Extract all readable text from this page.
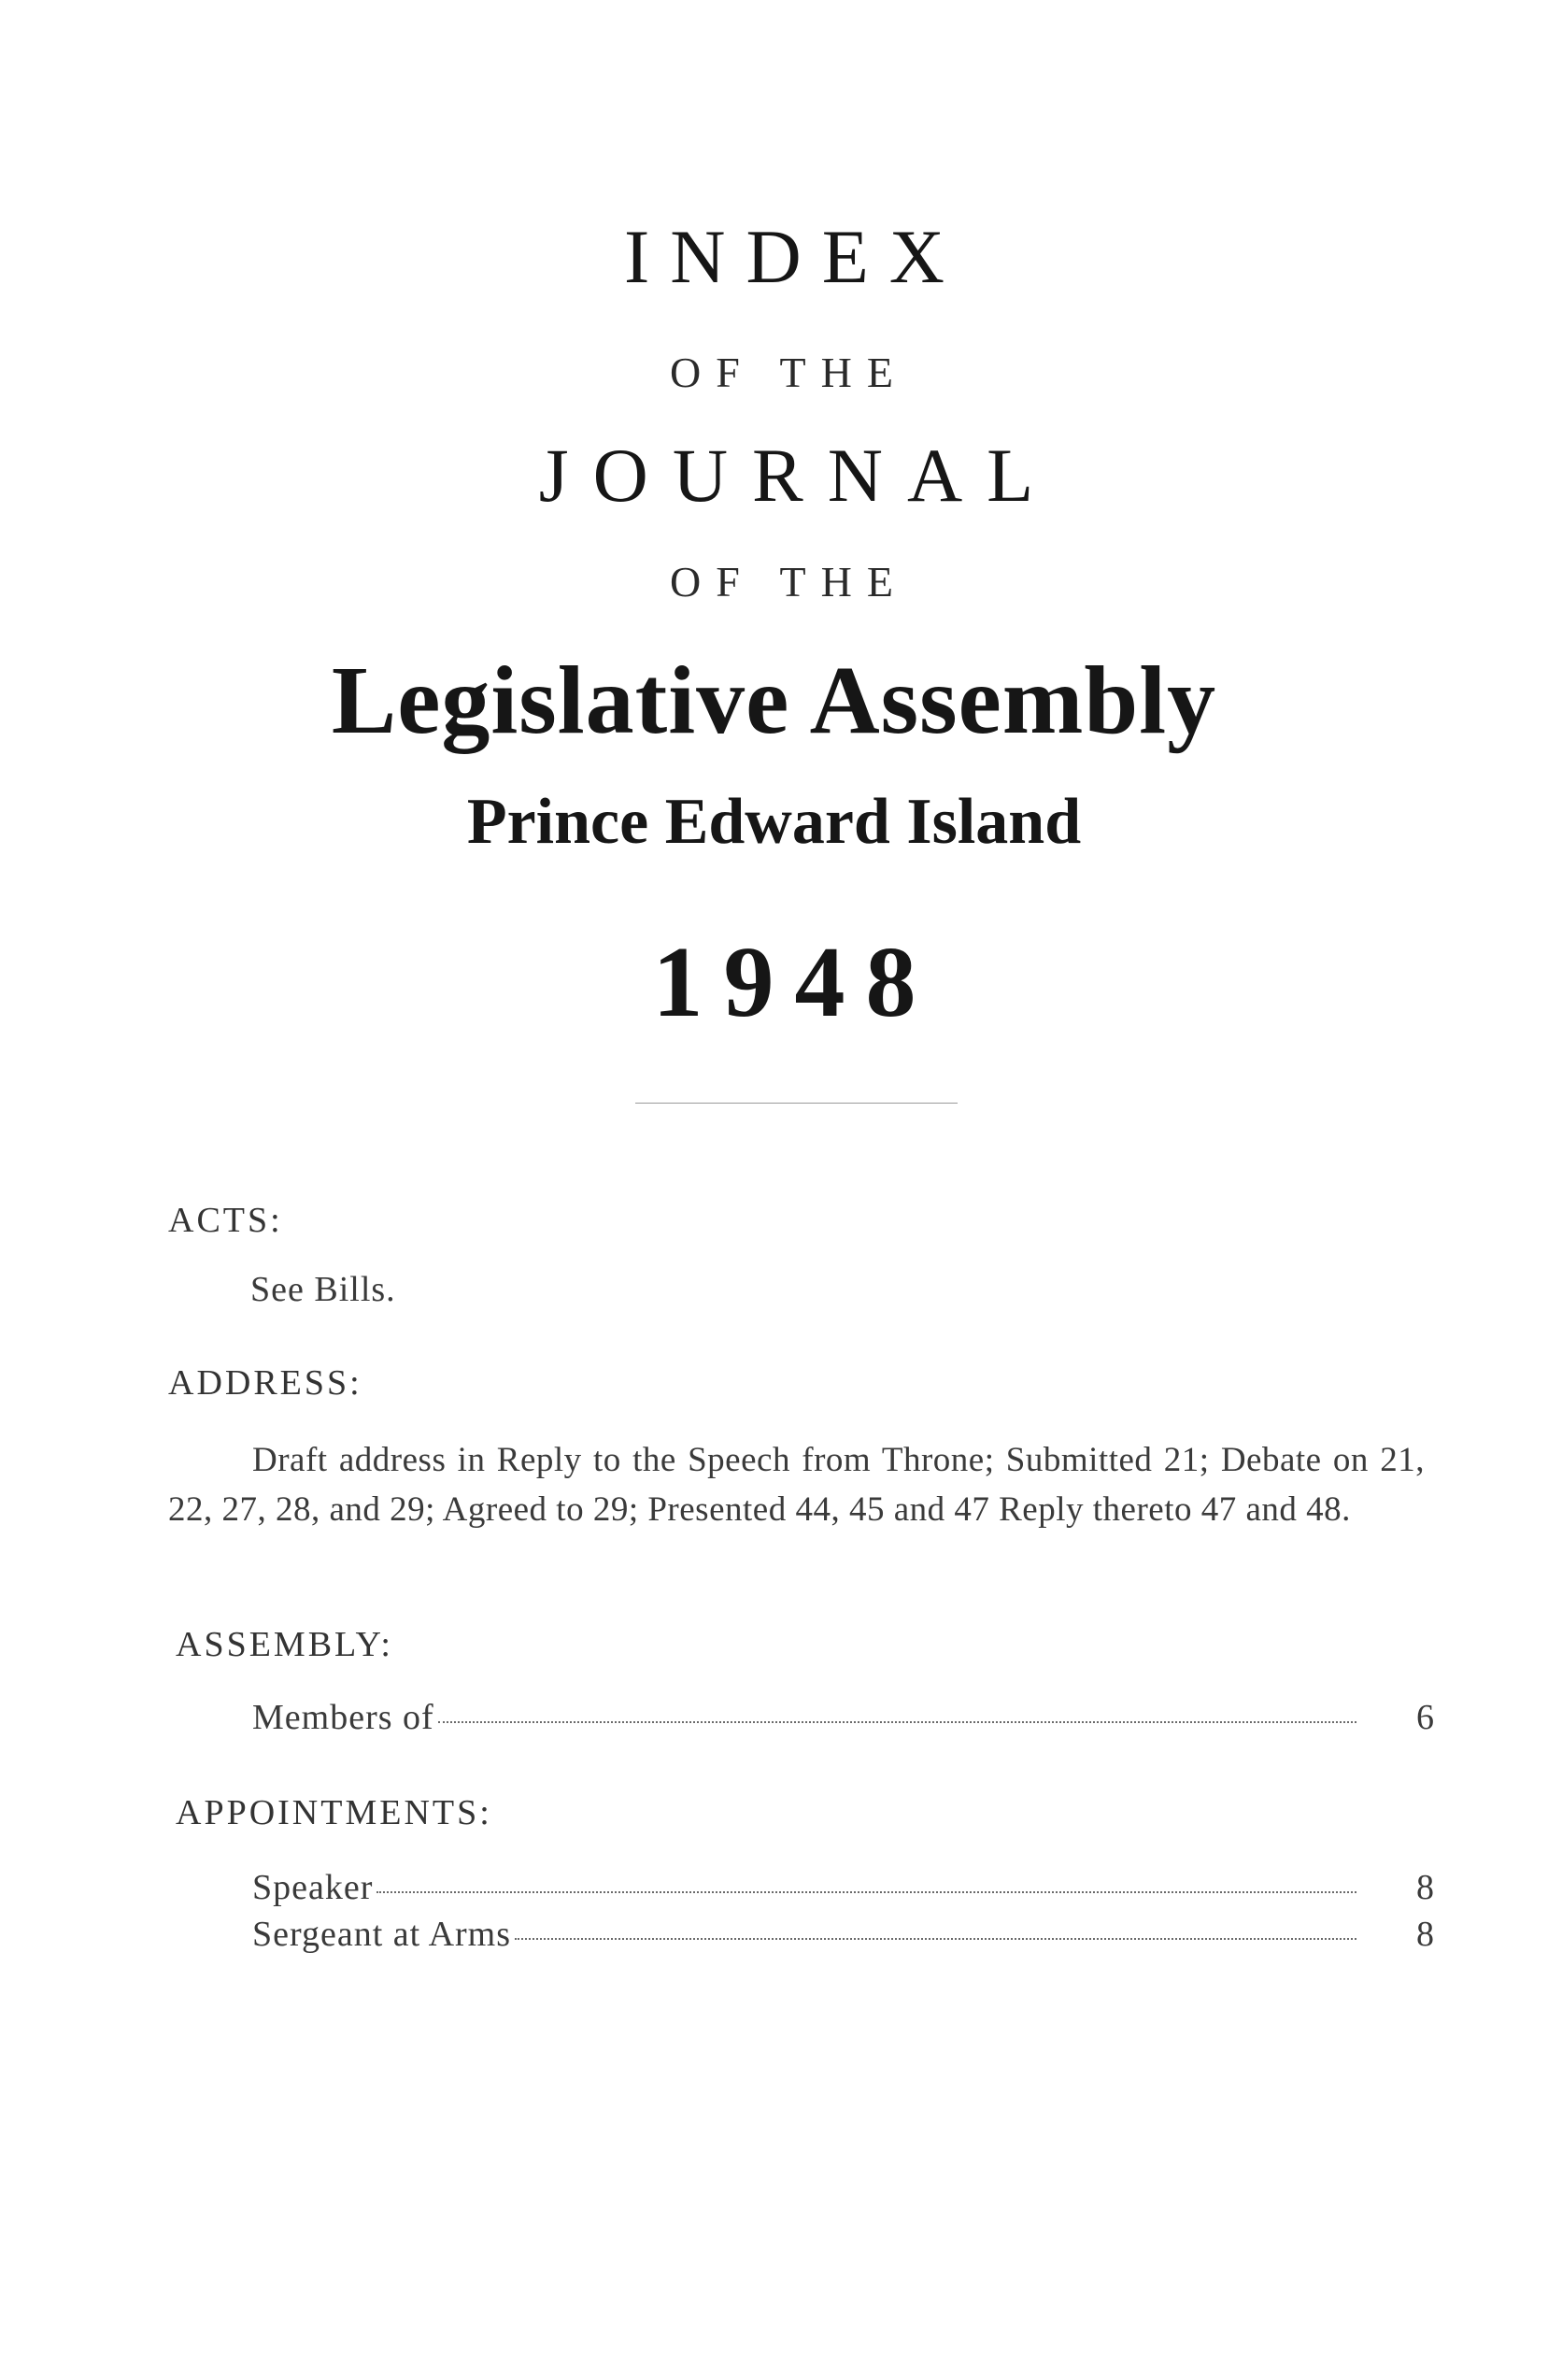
INDEX
OF THE
JOURNAL
OF THE
Legislative Assembly
Prince Edward Island
1948
ACTS:
See Bills.
ADDRESS:
Draft address in Reply to the Speech from Throne; Submitted 21; Debate on 21, 22, 27, 28, and 29; Agreed to 29; Presented 44, 45 and 47 Reply thereto 47 and 48.
ASSEMBLY:
Members of	6
APPOINTMENTS:
Speaker	8
Sergeant at Arms	8
